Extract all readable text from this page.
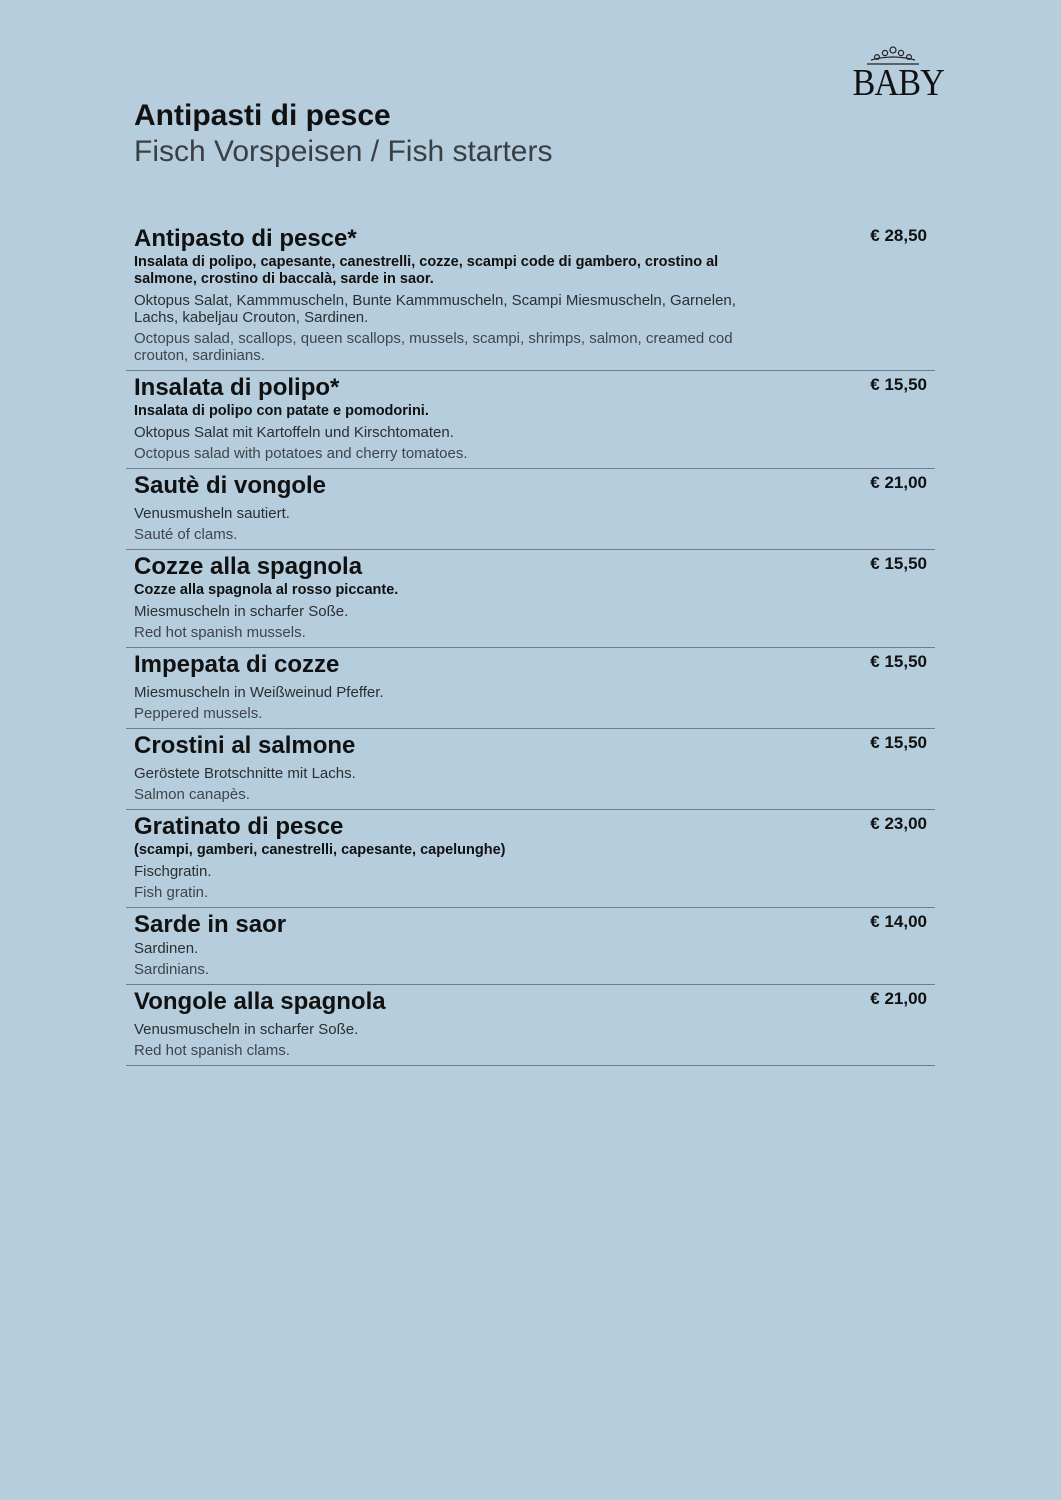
BABY
Antipasti di pesce
Fisch Vorspeisen / Fish starters
Antipasto di pesce*	€ 28,50
Insalata di polipo, capesante, canestrelli, cozze, scampi code di gambero, crostino al salmone, crostino di baccalà, sarde in saor.
Oktopus Salat, Kammmuscheln, Bunte Kammmuscheln, Scampi Miesmuscheln, Garnelen, Lachs, kabeljau Crouton, Sardinen.
Octopus salad, scallops, queen scallops, mussels, scampi, shrimps, salmon, creamed cod crouton, sardinians.
Insalata di polipo*	€ 15,50
Insalata di polipo con patate e pomodorini.
Oktopus Salat mit Kartoffeln und Kirschtomaten.
Octopus salad with potatoes and cherry tomatoes.
Sautè di vongole	€ 21,00
Venusmusheln sautiert.
Sauté of clams.
Cozze alla spagnola	€ 15,50
Cozze alla spagnola al rosso piccante.
Miesmuscheln in scharfer Soße.
Red hot spanish mussels.
Impepata di cozze	€ 15,50
Miesmuscheln in Weißweinud Pfeffer.
Peppered mussels.
Crostini al salmone	€ 15,50
Geröstete Brotschnitte mit Lachs.
Salmon canapès.
Gratinato di pesce	€ 23,00
(scampi, gamberi, canestrelli, capesante, capelunghe)
Fischgratin.
Fish gratin.
Sarde in saor	€ 14,00
Sardinen.
Sardinians.
Vongole alla spagnola	€ 21,00
Venusmuscheln in scharfer Soße.
Red hot spanish clams.
